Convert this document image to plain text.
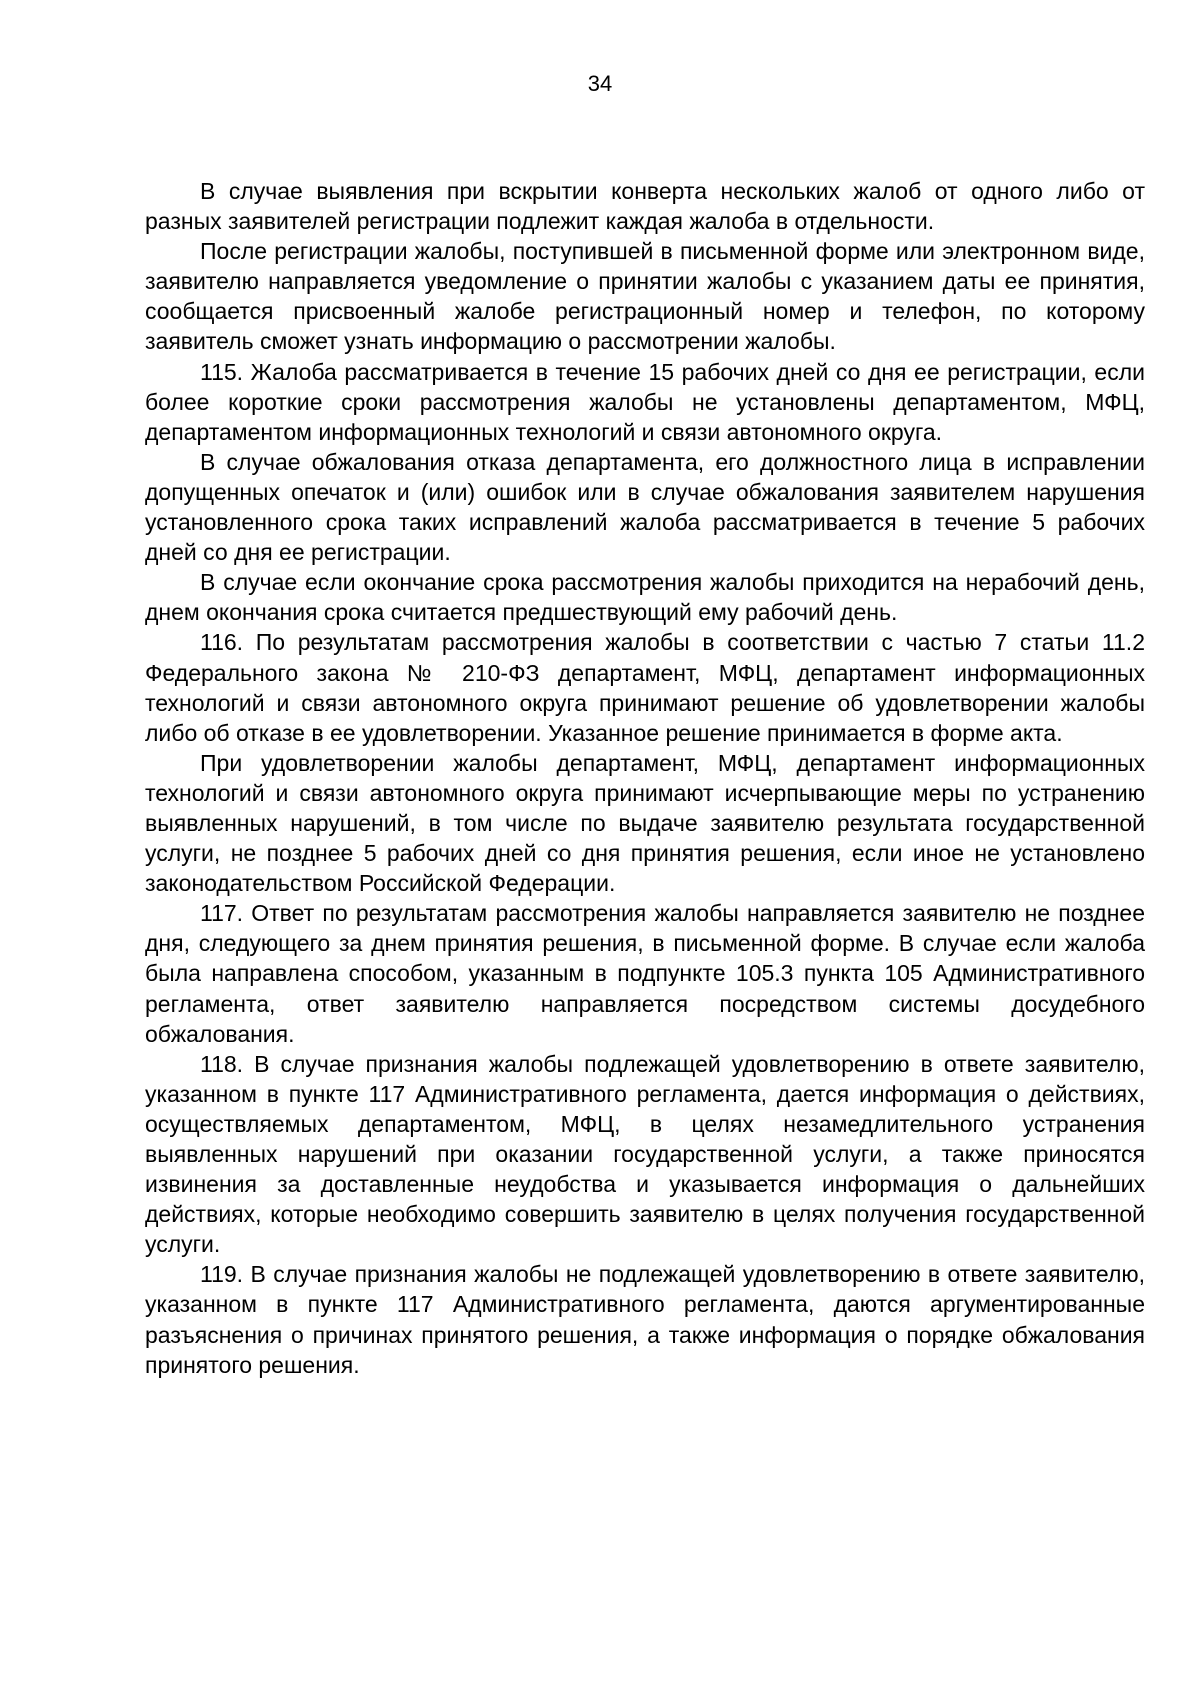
34

В случае выявления при вскрытии конверта нескольких жалоб от одного либо от разных заявителей регистрации подлежит каждая жалоба в отдельности.

После регистрации жалобы, поступившей в письменной форме или электронном виде, заявителю направляется уведомление о принятии жалобы с указанием даты ее принятия, сообщается присвоенный жалобе регистрационный номер и телефон, по которому заявитель сможет узнать информацию о рассмотрении жалобы.

115. Жалоба рассматривается в течение 15 рабочих дней со дня ее регистрации, если более короткие сроки рассмотрения жалобы не установлены департаментом, МФЦ, департаментом информационных технологий и связи автономного округа.

В случае обжалования отказа департамента, его должностного лица в исправлении допущенных опечаток и (или) ошибок или в случае обжалования заявителем нарушения установленного срока таких исправлений жалоба рассматривается в течение 5 рабочих дней со дня ее регистрации.

В случае если окончание срока рассмотрения жалобы приходится на нерабочий день, днем окончания срока считается предшествующий ему рабочий день.

116. По результатам рассмотрения жалобы в соответствии с частью 7 статьи 11.2 Федерального закона № 210-ФЗ департамент, МФЦ, департамент информационных технологий и связи автономного округа принимают решение об удовлетворении жалобы либо об отказе в ее удовлетворении. Указанное решение принимается в форме акта.

При удовлетворении жалобы департамент, МФЦ, департамент информационных технологий и связи автономного округа принимают исчерпывающие меры по устранению выявленных нарушений, в том числе по выдаче заявителю результата государственной услуги, не позднее 5 рабочих дней со дня принятия решения, если иное не установлено законодательством Российской Федерации.

117. Ответ по результатам рассмотрения жалобы направляется заявителю не позднее дня, следующего за днем принятия решения, в письменной форме. В случае если жалоба была направлена способом, указанным в подпункте 105.3 пункта 105 Административного регламента, ответ заявителю направляется посредством системы досудебного обжалования.

118. В случае признания жалобы подлежащей удовлетворению в ответе заявителю, указанном в пункте 117 Административного регламента, дается информация о действиях, осуществляемых департаментом, МФЦ, в целях незамедлительного устранения выявленных нарушений при оказании государственной услуги, а также приносятся извинения за доставленные неудобства и указывается информация о дальнейших действиях, которые необходимо совершить заявителю в целях получения государственной услуги.

119. В случае признания жалобы не подлежащей удовлетворению в ответе заявителю, указанном в пункте 117 Административного регламента, даются аргументированные разъяснения о причинах принятого решения, а также информация о порядке обжалования принятого решения.
